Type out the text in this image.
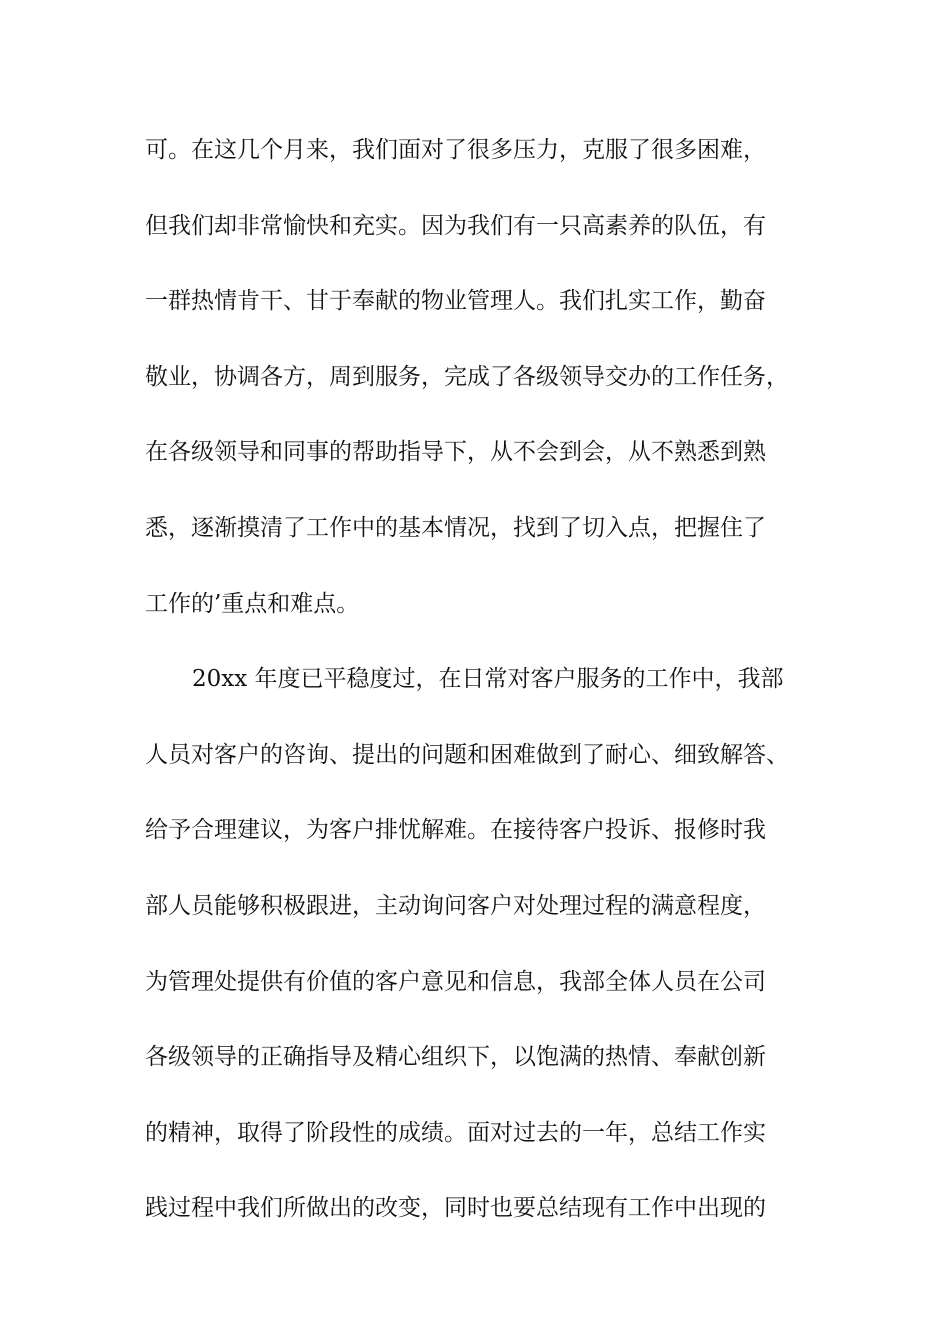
可。在这几个月来，我们面对了很多压力，克服了很多困难，
但我们却非常愉快和充实。因为我们有一只高素养的队伍，有
一群热情肯干、甘于奉献的物业管理人。我们扎实工作，勤奋
敬业，协调各方，周到服务，完成了各级领导交办的工作任务，
在各级领导和同事的帮助指导下，从不会到会，从不熟悉到熟
悉，逐渐摸清了工作中的基本情况，找到了切入点，把握住了
工作的’重点和难点。
20xx 年度已平稳度过，在日常对客户服务的工作中，我部
人员对客户的咨询、提出的问题和困难做到了耐心、细致解答、
给予合理建议，为客户排忧解难。在接待客户投诉、报修时我
部人员能够积极跟进，主动询问客户对处理过程的满意程度，
为管理处提供有价值的客户意见和信息，我部全体人员在公司
各级领导的正确指导及精心组织下，以饱满的热情、奉献创新
的精神，取得了阶段性的成绩。面对过去的一年，总结工作实
践过程中我们所做出的改变，同时也要总结现有工作中出现的
